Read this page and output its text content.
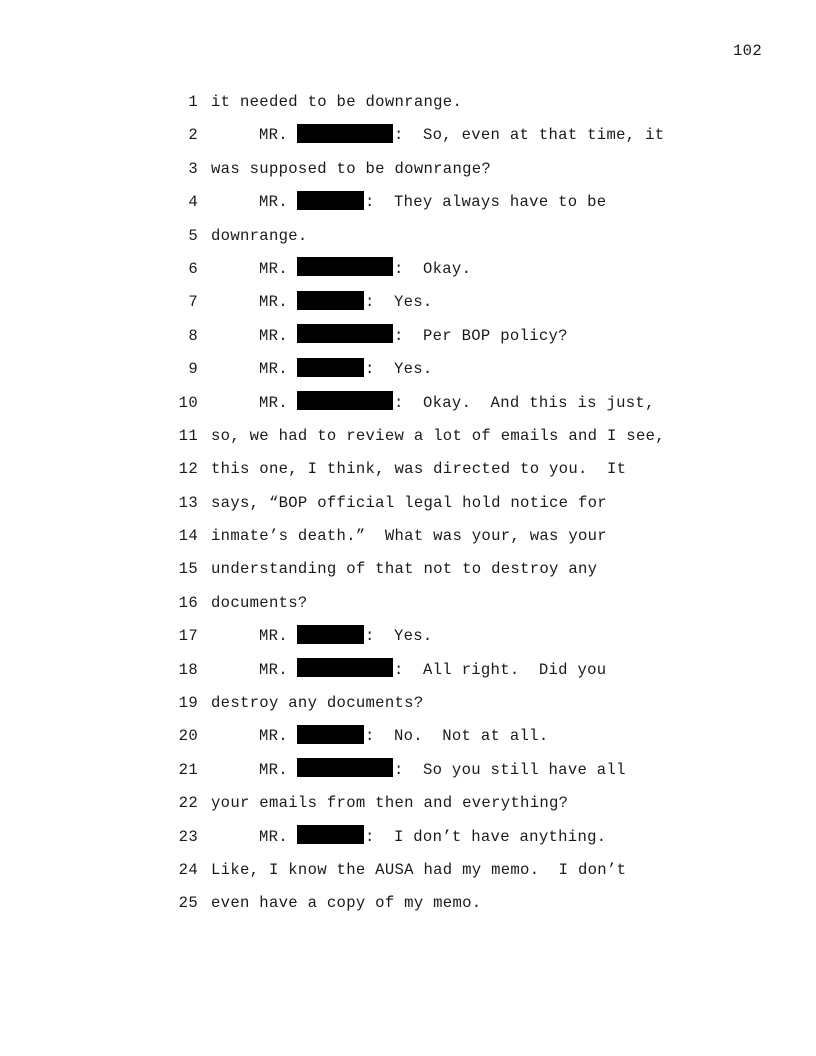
102
1 it needed to be downrange.
2	MR.	:  So, even at that time, it
3 was supposed to be downrange?
4	MR.	:  They always have to be
5 downrange.
6	MR.	:  Okay.
7	MR.	:  Yes.
8	MR.	:  Per BOP policy?
9	MR.	:  Yes.
10	MR.	:  Okay.  And this is just,
11 so, we had to review a lot of emails and I see,
12 this one, I think, was directed to you.  It
13 says, “BOP official legal hold notice for
14 inmate’s death.”  What was your, was your
15 understanding of that not to destroy any
16 documents?
17	MR.	:  Yes.
18	MR.	:  All right.  Did you
19 destroy any documents?
20	MR.	:  No.  Not at all.
21	MR.	:  So you still have all
22 your emails from then and everything?
23	MR.	:  I don’t have anything.
24 Like, I know the AUSA had my memo.  I don’t
25 even have a copy of my memo.
